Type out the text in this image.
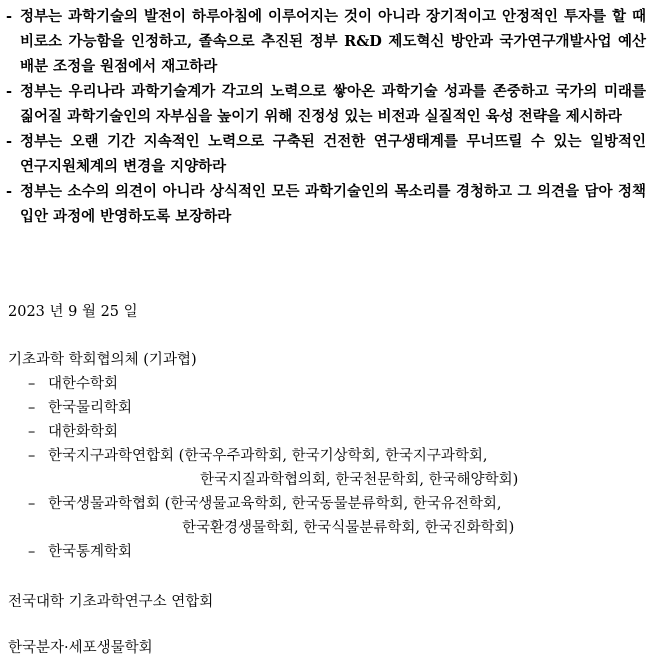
- 정부는 과학기술의 발전이 하루아침에 이루어지는 것이 아니라 장기적이고 안정적인 투자를 할 때 비로소 가능함을 인정하고, 졸속으로 추진된 정부 R&D 제도혁신 방안과 국가연구개발사업 예산 배분 조정을 원점에서 재고하라
- 정부는 우리나라 과학기술계가 각고의 노력으로 쌓아온 과학기술 성과를 존중하고 국가의 미래를 짊어질 과학기술인의 자부심을 높이기 위해 진정성 있는 비전과 실질적인 육성 전략을 제시하라
- 정부는 오랜 기간 지속적인 노력으로 구축된 건전한 연구생태계를 무너뜨릴 수 있는 일방적인 연구지원체계의 변경을 지양하라
- 정부는 소수의 의견이 아니라 상식적인 모든 과학기술인의 목소리를 경청하고 그 의견을 담아 정책 입안 과정에 반영하도록 보장하라
2023 년 9 월 25 일
기초과학 학회협의체 (기과협)
– 대한수학회
– 한국물리학회
– 대한화학회
– 한국지구과학연합회 (한국우주과학회, 한국기상학회, 한국지구과학회,
한국지질과학협의회, 한국천문학회, 한국해양학회)
– 한국생물과학협회 (한국생물교육학회, 한국동물분류학회, 한국유전학회,
한국환경생물학회, 한국식물분류학회, 한국진화학회)
– 한국통계학회
전국대학 기초과학연구소 연합회
한국분자·세포생물학회
